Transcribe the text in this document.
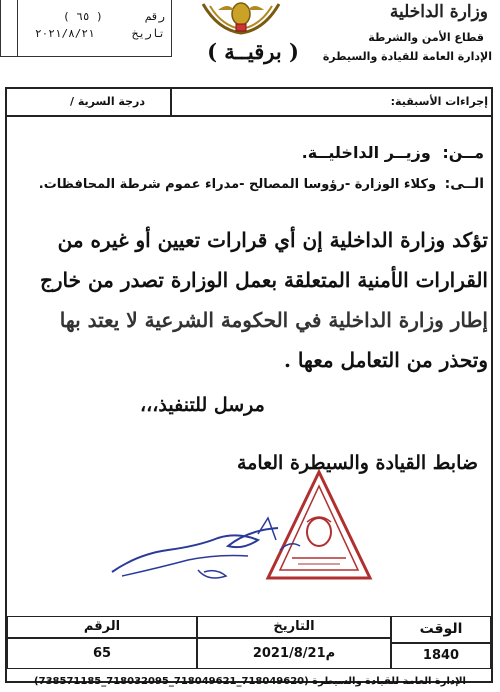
وزارة الداخلية
قطاع الأمن والشرطة
الإدارة العامة للقيادة والسيطرة
( برقيــة )
( ٦٥ )	رقم
٢٠٢١/٨/٢١	تاريخ
إجراءات الأسبقية:
درجة السرية /
مــن: وزيــر الداخليــة.
الــى: وكلاء الوزارة -رؤوسا المصالح -مدراء عموم شرطة المحافظات.
تؤكد وزارة الداخلية إن أي قرارات تعيين أو غيره من
القرارات الأمنية المتعلقة بعمل الوزارة تصدر من خارج
إطار وزارة الداخلية في الحكومة الشرعية لا يعتد بها
وتحذر من التعامل معها .
مرسل للتنفيذ،،،
ضابط القيادة والسيطرة العامة
الرقم	التاريخ	الوقت
65	2021/8/21م	1840
الإدارة العامة للقيادة والسيطرة (718049620_718049621_718032095_738571185)
